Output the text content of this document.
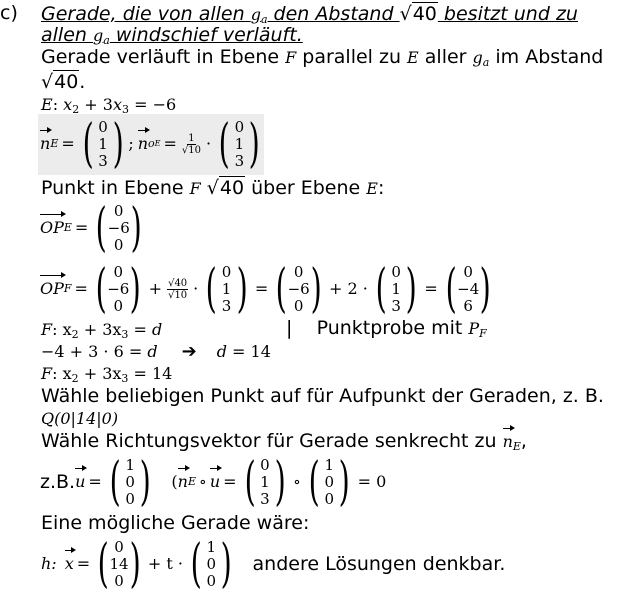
c) Gerade, die von allen $g_a$ den Abstand √ 40 besitzt und zu
allen $g_a$ windschief verläuft.
Gerade verläuft in Ebene F parallel zu E aller $g_a$ im Abstand
√ 40 .
E: $x_2 + 3x_3 = -6$
n E = ( 0
1
3 ) ;
n o $E = \frac{1}{√10}$ · ( 0
1
3 )
Punkt in Ebene F √ 40 über Ebene E:
OP E = ( 0
−6
0 )
OP F = ( 0
−6
0 ) + $\frac{√40}{√10}$ · ( 0
1
3 ) = ( 0
−6
0 ) + 2 · ( 0
1
3 ) = ( 0
−4
6 )
F: $x_2 + 3x_3 = d$	| Punktprobe mit $P_F$
−4 + 3 · 6 = d ➔ d = 14
F: $x_2 + 3x_3 = 14$
Wähle beliebigen Punkt auf für Aufpunkt der Geraden, z. B.
Q(0|14|0)
Wähle Richtungsvektor für Gerade senkrecht zu $n_E$,
z.B. u = ( 1
0
0 )
( n E ∘ u = ( 0
1
3 ) ∘ ( 1
0
0 ) = 0
Eine mögliche Gerade wäre:
h:
x = ( 0
14
0 ) + t · ( 1
0
0 )
andere Lösungen denkbar.
